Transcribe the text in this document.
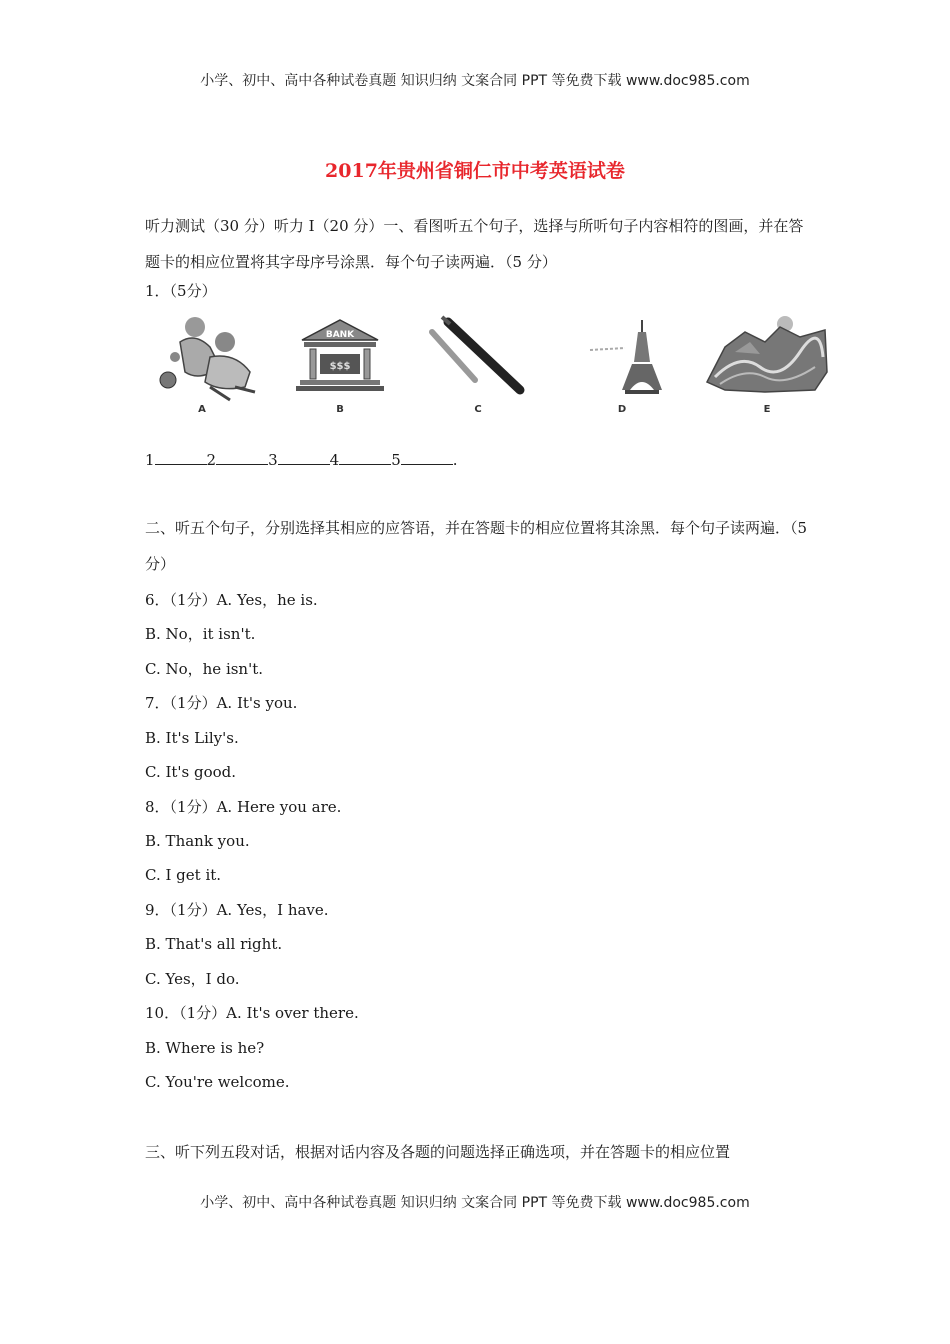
小学、初中、高中各种试卷真题 知识归纳 文案合同 PPT 等免费下载 www.doc985.com
2017年贵州省铜仁市中考英语试卷
听力测试（30 分）听力 I（20 分）一、看图听五个句子，选择与所听句子内容相符的图画，并在答题卡的相应位置将其字母序号涂黑．每个句子读两遍．（5 分）
1．（5分）
A
BANK
$$$
B	C	D	E
1	2	3	4	5	.
二、听五个句子，分别选择其相应的应答语，并在答题卡的相应位置将其涂黑．每个句子读两遍．（5 分）
6．（1分）A. Yes，he is.
B. No，it isn't.
C. No，he isn't.
7．（1分）A. It's you.
B. It's Lily's.
C. It's good.
8．（1分）A. Here you are.
B. Thank you.
C. I get it.
9．（1分）A. Yes，I have.
B. That's all right.
C. Yes，I do.
10．（1分）A. It's over there.
B. Where is he?
C. You're welcome.
三、听下列五段对话，根据对话内容及各题的问题选择正确选项，并在答题卡的相应位置
小学、初中、高中各种试卷真题 知识归纳 文案合同 PPT 等免费下载 www.doc985.com
